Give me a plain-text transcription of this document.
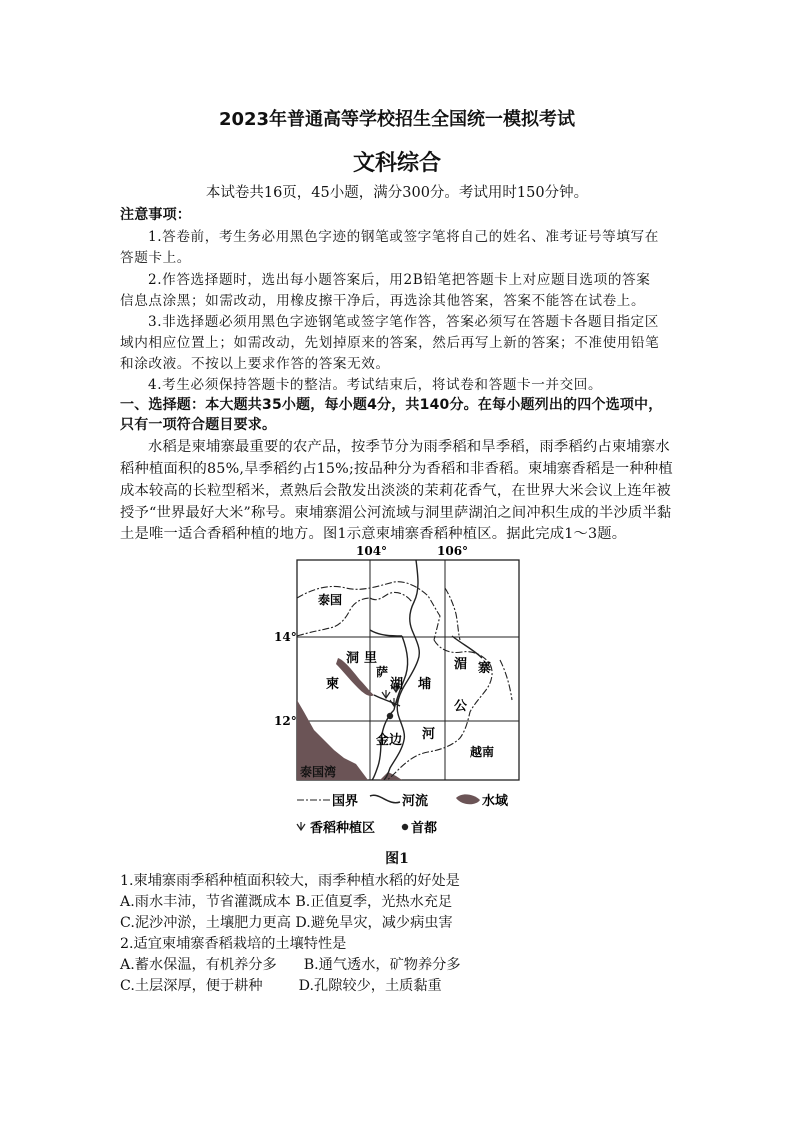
2023年普通高等学校招生全国统一模拟考试
文科综合
本试卷共16页，45小题，满分300分。考试用时150分钟。
注意事项：
1.答卷前，考生务必用黑色字迹的钢笔或签字笔将自己的姓名、准考证号等填写在
答题卡上。
2.作答选择题时，选出每小题答案后，用2B铅笔把答题卡上对应题目选项的答案
信息点涂黑；如需改动，用橡皮擦干净后，再选涂其他答案，答案不能答在试卷上。
3.非选择题必须用黑色字迹钢笔或签字笔作答，答案必须写在答题卡各题目指定区
域内相应位置上；如需改动，先划掉原来的答案，然后再写上新的答案；不准使用铅笔
和涂改液。不按以上要求作答的答案无效。
4.考生必须保持答题卡的整洁。考试结束后，将试卷和答题卡一并交回。
一、选择题：本大题共35小题，每小题4分，共140分。在每小题列出的四个选项中，
只有一项符合题目要求。
水稻是柬埔寨最重要的农产品，按季节分为雨季稻和旱季稻，雨季稻约占柬埔寨水
稻种植面积的85%,旱季稻约占15%;按品种分为香稻和非香稻。柬埔寨香稻是一种种植
成本较高的长粒型稻米，煮熟后会散发出淡淡的茉莉花香气，在世界大米会议上连年被
授予“世界最好大米”称号。柬埔寨湄公河流域与洞里萨湖泊之间冲积生成的半沙质半黏
土是唯一适合香稻种植的地方。图1示意柬埔寨香稻种植区。据此完成1～3题。
104°	106°
14°
12°
泰国
洞 里
萨
湖
柬	埔
寨
湄
公
河
金边
越南
泰国湾
国界	河流	水域
香稻种植区	首都
图1
1.柬埔寨雨季稻种植面积较大，雨季种植水稻的好处是
A.雨水丰沛，节省灌溉成本 B.正值夏季，光热水充足
C.泥沙冲淤，土壤肥力更高 D.避免旱灾，减少病虫害
2.适宜柬埔寨香稻栽培的土壤特性是
A.蓄水保温，有机养分多      B.通气透水，矿物养分多
C.土层深厚，便于耕种        D.孔隙较少，土质黏重
